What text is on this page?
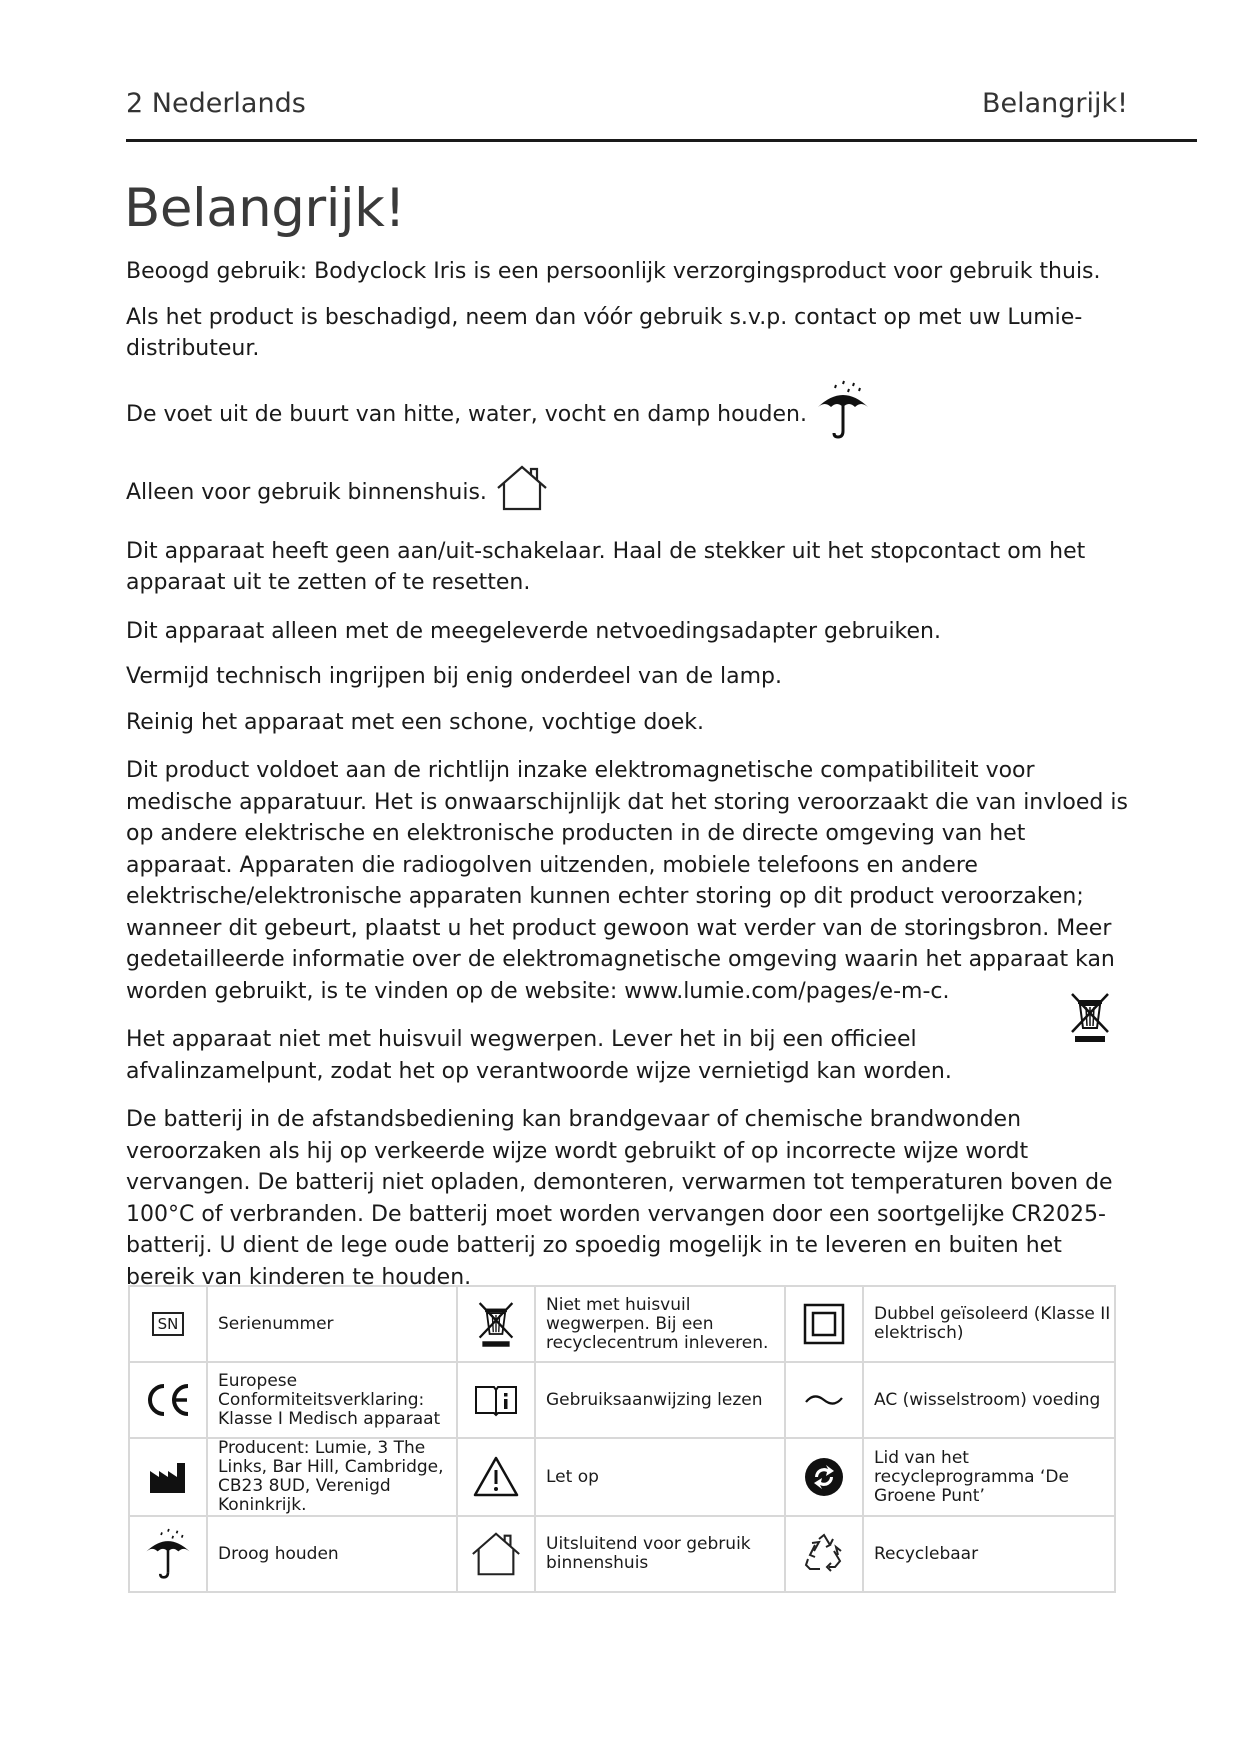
2 Nederlands	Belangrijk!
Belangrijk!

Beoogd gebruik: Bodyclock Iris is een persoonlijk verzorgingsproduct voor gebruik thuis.

Als het product is beschadigd, neem dan vóór gebruik s.v.p. contact op met uw Lumie-distributeur.

De voet uit de buurt van hitte, water, vocht en damp houden.

Alleen voor gebruik binnenshuis.

Dit apparaat heeft geen aan/uit-schakelaar. Haal de stekker uit het stopcontact om het apparaat uit te zetten of te resetten.

Dit apparaat alleen met de meegeleverde netvoedingsadapter gebruiken.

Vermijd technisch ingrijpen bij enig onderdeel van de lamp.

Reinig het apparaat met een schone, vochtige doek.

Dit product voldoet aan de richtlijn inzake elektromagnetische compatibiliteit voor medische apparatuur. Het is onwaarschijnlijk dat het storing veroorzaakt die van invloed is op andere elektrische en elektronische producten in de directe omgeving van het apparaat. Apparaten die radiogolven uitzenden, mobiele telefoons en andere elektrische/elektronische apparaten kunnen echter storing op dit product veroorzaken; wanneer dit gebeurt, plaatst u het product gewoon wat verder van de storingsbron. Meer gedetailleerde informatie over de elektromagnetische omgeving waarin het apparaat kan worden gebruikt, is te vinden op de website: www.lumie.com/pages/e-m-c.

Het apparaat niet met huisvuil wegwerpen. Lever het in bij een officieel afvalinzamelpunt, zodat het op verantwoorde wijze vernietigd kan worden.

De batterij in de afstandsbediening kan brandgevaar of chemische brandwonden veroorzaken als hij op verkeerde wijze wordt gebruikt of op incorrecte wijze wordt vervangen. De batterij niet opladen, demonteren, verwarmen tot temperaturen boven de 100°C of verbranden. De batterij moet worden vervangen door een soortgelijke CR2025-batterij. U dient de lege oude batterij zo spoedig mogelijk in te leveren en buiten het bereik van kinderen te houden.

SN	Serienummer		Niet met huisvuil wegwerpen. Bij een recyclecentrum inleveren.		Dubbel geïsoleerd (Klasse II elektrisch)

	Europese Conformiteitsverklaring: Klasse I Medisch apparaat		Gebruiksaanwijzing lezen		AC (wisselstroom) voeding

	Producent: Lumie, 3 The Links, Bar Hill, Cambridge, CB23 8UD, Verenigd Koninkrijk.		Let op		Lid van het recycleprogramma ‘De Groene Punt’

	Droog houden		Uitsluitend voor gebruik binnenshuis		Recyclebaar
